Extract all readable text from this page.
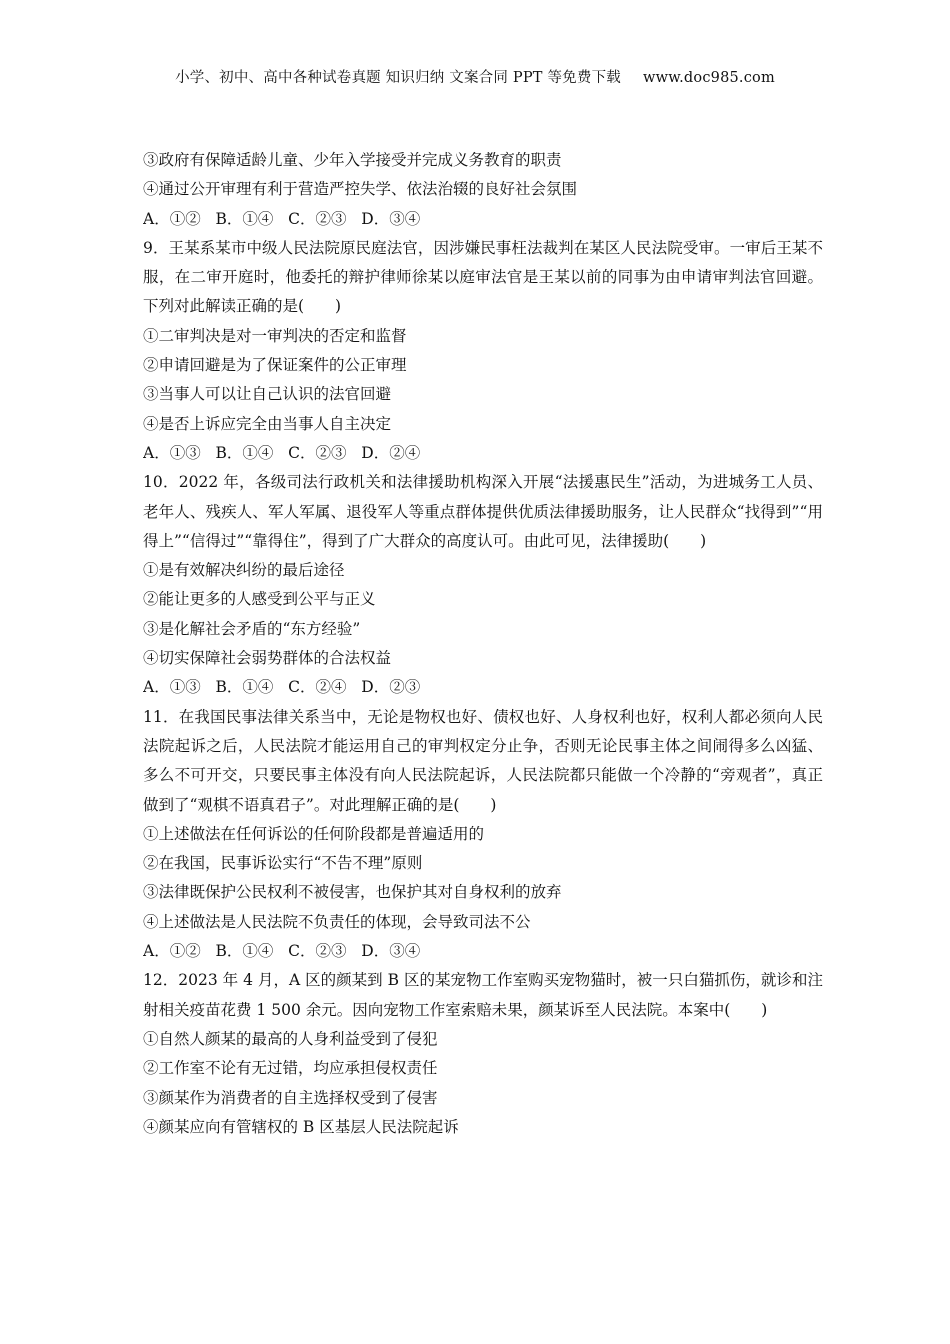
小学、初中、高中各种试卷真题 知识归纳 文案合同 PPT 等免费下载 www.doc985.com
③政府有保障适龄儿童、少年入学接受并完成义务教育的职责
④通过公开审理有利于营造严控失学、依法治辍的良好社会氛围
A．①②   B．①④   C．②③   D．③④
9．王某系某市中级人民法院原民庭法官，因涉嫌民事枉法裁判在某区人民法院受审。一审后王某不服，在二审开庭时，他委托的辩护律师徐某以庭审法官是王某以前的同事为由申请审判法官回避。下列对此解读正确的是(　　)
①二审判决是对一审判决的否定和监督
②申请回避是为了保证案件的公正审理
③当事人可以让自己认识的法官回避
④是否上诉应完全由当事人自主决定
A．①③   B．①④   C．②③   D．②④
10．2022 年，各级司法行政机关和法律援助机构深入开展“法援惠民生”活动，为进城务工人员、老年人、残疾人、军人军属、退役军人等重点群体提供优质法律援助服务，让人民群众“找得到”“用得上”“信得过”“靠得住”，得到了广大群众的高度认可。由此可见，法律援助(　　)
①是有效解决纠纷的最后途径
②能让更多的人感受到公平与正义
③是化解社会矛盾的“东方经验”
④切实保障社会弱势群体的合法权益
A．①③   B．①④   C．②④   D．②③
11．在我国民事法律关系当中，无论是物权也好、债权也好、人身权利也好，权利人都必须向人民法院起诉之后，人民法院才能运用自己的审判权定分止争，否则无论民事主体之间闹得多么凶猛、多么不可开交，只要民事主体没有向人民法院起诉，人民法院都只能做一个冷静的“旁观者”，真正做到了“观棋不语真君子”。对此理解正确的是(　　)
①上述做法在任何诉讼的任何阶段都是普遍适用的
②在我国，民事诉讼实行“不告不理”原则
③法律既保护公民权利不被侵害，也保护其对自身权利的放弃
④上述做法是人民法院不负责任的体现，会导致司法不公
A．①②   B．①④   C．②③   D．③④
12．2023 年 4 月，A 区的颜某到 B 区的某宠物工作室购买宠物猫时，被一只白猫抓伤，就诊和注射相关疫苗花费 1 500 余元。因向宠物工作室索赔未果，颜某诉至人民法院。本案中(　　)
①自然人颜某的最高的人身利益受到了侵犯
②工作室不论有无过错，均应承担侵权责任
③颜某作为消费者的自主选择权受到了侵害
④颜某应向有管辖权的 B 区基层人民法院起诉
